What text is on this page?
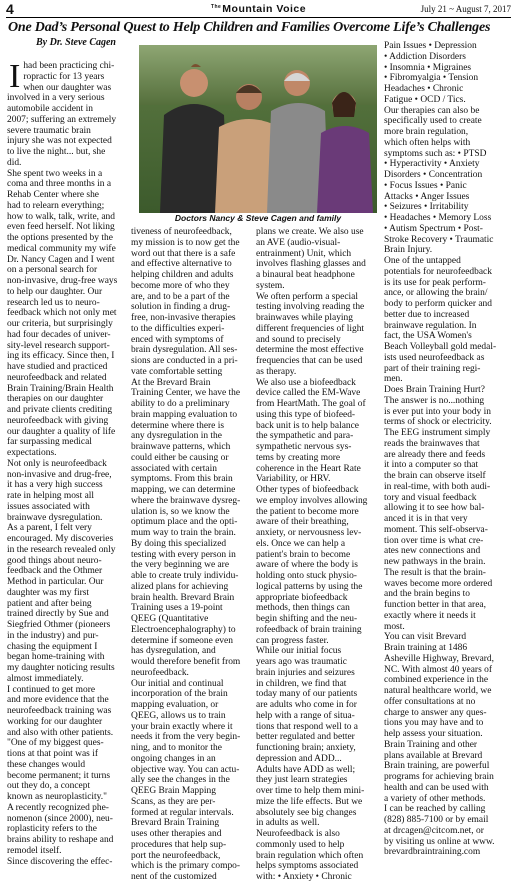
4	$^{The}$Mountain Voice	July 21 ~ August 7, 2017
One Dad’s Personal Quest to Help Children and Families Overcome Life’s Challenges
By Dr. Steve Cagen
Doctors Nancy & Steve Cagen and family
I had been practicing chi-
ropractic for 13 years
when our daughter was
involved in a very serious
automobile accident in
2007; suffering an extremely
severe traumatic brain
injury she was not expected
to live the night... but, she
did.
She spent two weeks in a
coma and three months in a
Rehab Center where she
had to relearn everything;
how to walk, talk, write, and
even feed herself. Not liking
the options presented by the
medical community my wife
Dr. Nancy Cagen and I went
on a personal search for
non-invasive, drug-free ways
to help our daughter. Our
research led us to neuro-
feedback which not only met
our criteria, but surprisingly
had four decades of univer-
sity-level research support-
ing its efficacy. Since then, I
have studied and practiced
neurofeedback and related
Brain Training/Brain Health
therapies on our daughter
and private clients crediting
neurofeedback with giving
our daughter a quality of life
far surpassing medical
expectations.
Not only is neurofeedback
non-invasive and drug-free,
it has a very high success
rate in helping most all
issues associated with
brainwave dysregulation.
As a parent, I felt very
encouraged. My discoveries
in the research revealed only
good things about neuro-
feedback and the Othmer
Method in particular. Our
daughter was my first
patient and after being
trained directly by Sue and
Siegfried Othmer (pioneers
in the industry) and pur-
chasing the equipment I
began home-training with
my daughter noticing results
almost immediately.
I continued to get more
and more evidence that the
neurofeedback training was
working for our daughter
and also with other patients.
"One of my biggest ques-
tions at that point was if
these changes would
become permanent; it turns
out they do, a concept
known as neuroplasticity."
A recently recognized phe-
nomenon (since 2000), neu-
roplasticity refers to the
brains ability to reshape and
remodel itself.
Since discovering the effec-
tiveness of neurofeedback,
my mission is to now get the
word out that there is a safe
and effective alternative to
helping children and adults
become more of who they
are, and to be a part of the
solution in finding a drug-
free, non-invasive therapies
to the difficulties experi-
enced with symptoms of
brain dysregulation. All ses-
sions are conducted in a pri-
vate comfortable setting
At the Brevard Brain
Training Center, we have the
ability to do a preliminary
brain mapping evaluation to
determine where there is
any dysregulation in the
brainwave patterns, which
could either be causing or
associated with certain
symptoms. From this brain
mapping, we can determine
where the brainwave dysreg-
ulation is, so we know the
optimum place and the opti-
mum way to train the brain.
By doing this specialized
testing with every person in
the very beginning we are
able to create truly individu-
alized plans for achieving
brain health. Brevard Brain
Training uses a 19-point
QEEG (Quantitative
Electroencephalography) to
determine if someone even
has dysregulation, and
would therefore benefit from
neurofeedback.
Our initial and continual
incorporation of the brain
mapping evaluation, or
QEEG, allows us to train
your brain exactly where it
needs it from the very begin-
ning, and to monitor the
ongoing changes in an
objective way. You can actu-
ally see the changes in the
QEEG Brain Mapping
Scans, as they are per-
formed at regular intervals.
Brevard Brain Training
uses other therapies and
procedures that help sup-
port the neurofeedback,
which is the primary compo-
nent of the customized
plans we create. We also use
an AVE (audio-visual-
entrainment) Unit, which
involves flashing glasses and
a binaural beat headphone
system.
We often perform a special
testing involving reading the
brainwaves while playing
different frequencies of light
and sound to precisely
determine the most effective
frequencies that can be used
as therapy.
We also use a biofeedback
device called the EM-Wave
from HeartMath. The goal of
using this type of biofeed-
back unit is to help balance
the sympathetic and para-
sympathetic nervous sys-
tems by creating more
coherence in the Heart Rate
Variability, or HRV.
Other types of biofeedback
we employ involves allowing
the patient to become more
aware of their breathing,
anxiety, or nervousness lev-
els. Once we can help a
patient's brain to become
aware of where the body is
holding onto stuck physio-
logical patterns by using the
appropriate biofeedback
methods, then things can
begin shifting and the neu-
rofeedback of brain training
can progress faster.
While our initial focus
years ago was traumatic
brain injuries and seizures
in children, we find that
today many of our patients
are adults who come in for
help with a range of situa-
tions that respond well to a
better regulated and better
functioning brain; anxiety,
depression and ADD...
Adults have ADD as well;
they just learn strategies
over time to help them mini-
mize the life effects. But we
absolutely see big changes
in adults as well.
Neurofeedback is also
commonly used to help
brain regulation which often
helps symptoms associated
with: • Anxiety • Chronic
Pain Issues • Depression
• Addiction Disorders
• Insomnia • Migraines
• Fibromyalgia • Tension
Headaches • Chronic
Fatigue • OCD / Tics.
Our therapies can also be
specifically used to create
more brain regulation,
which often helps with
symptoms such as: • PTSD
• Hyperactivity • Anxiety
Disorders • Concentration
• Focus Issues • Panic
Attacks • Anger Issues
• Seizures • Irritability
• Headaches • Memory Loss
• Autism Spectrum • Post-
Stroke Recovery • Traumatic
Brain Injury.
One of the untapped
potentials for neurofeedback
is its use for peak perform-
ance, or allowing the brain/
body to perform quicker and
better due to increased
brainwave regulation. In
fact, the USA Women's
Beach Volleyball gold medal-
ists used neurofeedback as
part of their training regi-
men.
Does Brain Training Hurt?
The answer is no...nothing
is ever put into your body in
terms of shock or electricity.
The EEG instrument simply
reads the brainwaves that
are already there and feeds
it into a computer so that
the brain can observe itself
in real-time, with both audi-
tory and visual feedback
allowing it to see how bal-
anced it is in that very
moment. This self-observa-
tion over time is what cre-
ates new connections and
new pathways in the brain.
The result is that the brain-
waves become more ordered
and the brain begins to
function better in that area,
exactly where it needs it
most.
You can visit Brevard
Brain training at 1486
Asheville Highway, Brevard,
NC. With almost 40 years of
combined experience in the
natural healthcare world, we
offer consultations at no
charge to answer any ques-
tions you may have and to
help assess your situation.
Brain Training and other
plans available at Brevard
Brain training, are powerful
programs for achieving brain
health and can be used with
a variety of other methods.
I can be reached by calling
(828) 885-7100 or by email
at drcagen@citcom.net, or
by visiting us online at www.
brevardbraintraining.com
